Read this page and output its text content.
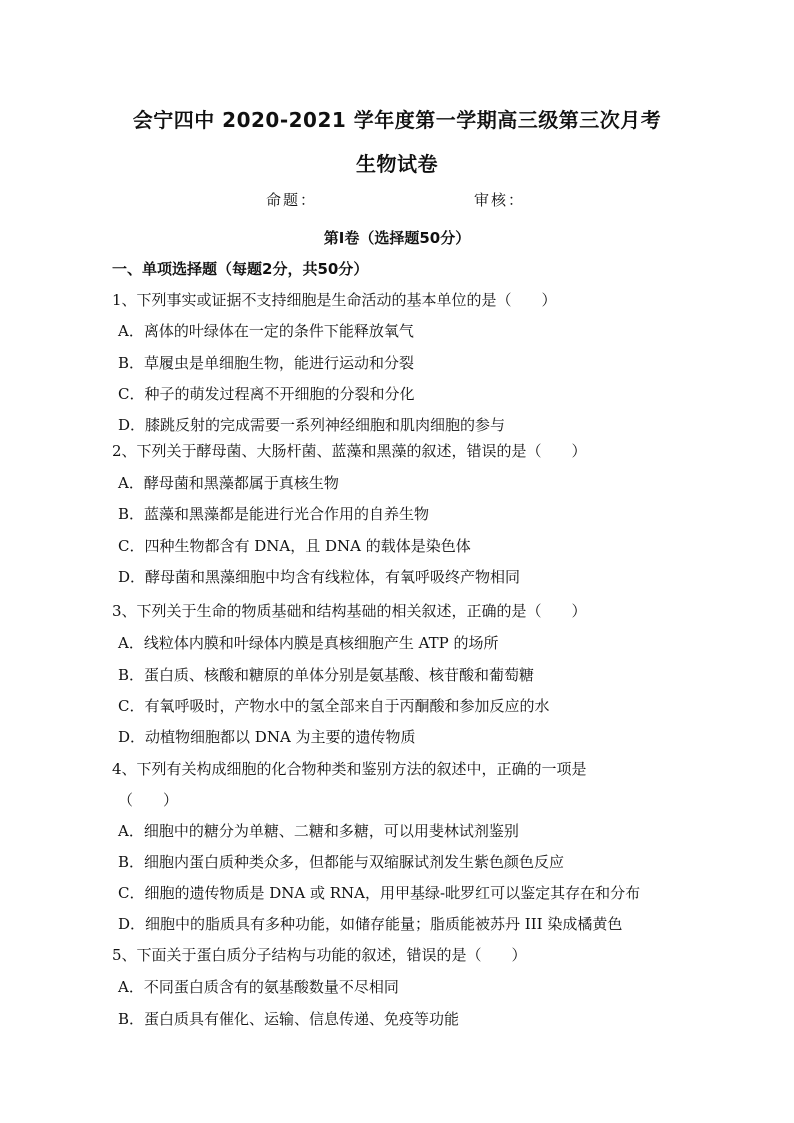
会宁四中 2020-2021 学年度第一学期高三级第三次月考
生物试卷
命题：	审核：
第Ⅰ卷（选择题50分）
一、单项选择题（每题2分，共50分）
1、下列事实或证据不支持细胞是生命活动的基本单位的是（　　）
A．离体的叶绿体在一定的条件下能释放氧气
B．草履虫是单细胞生物，能进行运动和分裂
C．种子的萌发过程离不开细胞的分裂和分化
D．膝跳反射的完成需要一系列神经细胞和肌肉细胞的参与
2、下列关于酵母菌、大肠杆菌、蓝藻和黑藻的叙述，错误的是（　　）
A．酵母菌和黑藻都属于真核生物
B．蓝藻和黑藻都是能进行光合作用的自养生物
C．四种生物都含有 DNA，且 DNA 的载体是染色体
D．酵母菌和黑藻细胞中均含有线粒体，有氧呼吸终产物相同
3、下列关于生命的物质基础和结构基础的相关叙述，正确的是（　　）
A．线粒体内膜和叶绿体内膜是真核细胞产生 ATP 的场所
B．蛋白质、核酸和糖原的单体分别是氨基酸、核苷酸和葡萄糖
C．有氧呼吸时，产物水中的氢全部来自于丙酮酸和参加反应的水
D．动植物细胞都以 DNA 为主要的遗传物质
4、下列有关构成细胞的化合物种类和鉴别方法的叙述中，正确的一项是
（　　）
A．细胞中的糖分为单糖、二糖和多糖，可以用斐林试剂鉴别
B．细胞内蛋白质种类众多，但都能与双缩脲试剂发生紫色颜色反应
C．细胞的遗传物质是 DNA 或 RNA，用甲基绿-吡罗红可以鉴定其存在和分布
D．细胞中的脂质具有多种功能，如储存能量；脂质能被苏丹 III 染成橘黄色
5、下面关于蛋白质分子结构与功能的叙述，错误的是（　　）
A．不同蛋白质含有的氨基酸数量不尽相同
B．蛋白质具有催化、运输、信息传递、免疫等功能
